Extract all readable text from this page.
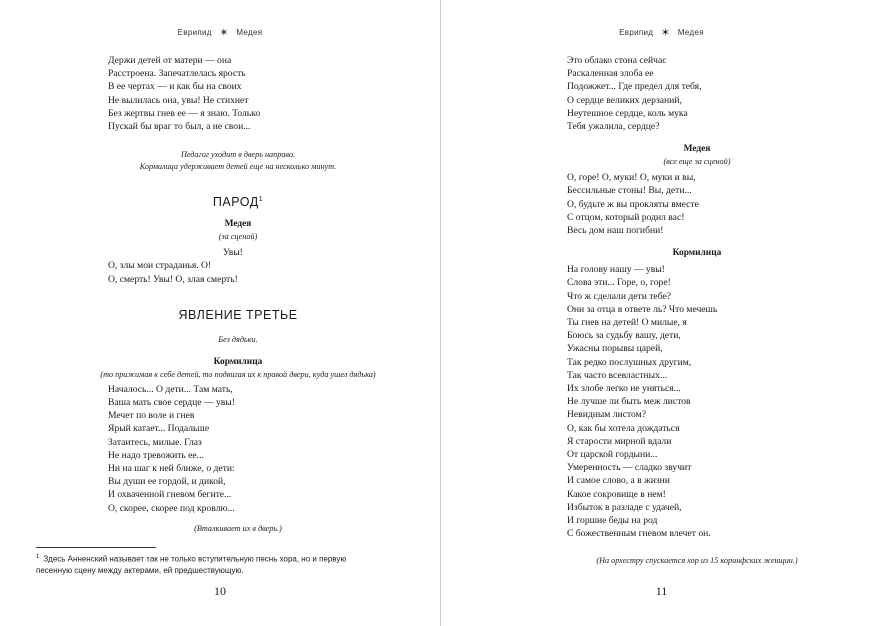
Еврипид ✶ Медея
Держи детей от матери — она
Расстроена. Запечатлелась ярость
В ее чертах — и как бы на своих
Не вылилась она, увы! Не стихнет
Без жертвы гнев ее — я знаю. Только
Пускай бы враг то был, а не свои...
Педагог уходит в дверь направо.
Кормилица удерживает детей еще на несколько минут.
ПАРОД$^1$
Медея
(за сценой)
Увы!
О, злы мои страданья. О!
О, смерть! Увы! О, злая смерть!
ЯВЛЕНИЕ ТРЕТЬЕ
Без дядьки.
Кормилица
(то прижимая к себе детей, то подвигая их к правой двери, куда ушел дядька)
Началось... О дети... Там мать,
Ваша мать свое сердце — увы!
Мечет по воле и гнев
Ярый катает... Подальше
Затаитесь, милые. Глаз
Не надо тревожить ее...
Ни на шаг к ней ближе, о дети:
Вы души ее гордой, и дикой,
И охваченной гневом бегите...
О, скорее, скорее под кровлю...
(Вталкивает их в дверь.)
$^1$ Здесь Анненский называет так не только вступительную песнь хора, но и первую песенную сцену между актерами, ей предшествующую.
10
Еврипид ✶ Медея
Это облако стона сейчас
Раскаленная злоба ее
Подожжет... Где предел для тебя,
О сердце великих дерзаний,
Неутешное сердце, коль мука
Тебя ужалила, сердце?
Медея
(все еще за сценой)
О, горе! О, муки! О, муки и вы,
Бессильные стоны! Вы, дети...
О, будьте ж вы прокляты вместе
С отцом, который родил вас!
Весь дом наш погибни!
Кормилица
На голову нашу — увы!
Слова эти... Горе, о, горе!
Что ж сделали дети тебе?
Они за отца в ответе ль? Что мечешь
Ты гнев на детей! О милые, я
Боюсь за судьбу вашу, дети,
Ужасны порывы царей,
Так редко послушных другим,
Так часто всевластных...
Их злобе легко не уняться...
Не лучше ли быть меж листов
Невидным листом?
О, как бы хотела дождаться
Я старости мирной вдали
От царской гордыни...
Умеренность — сладко звучит
И самое слово, а в жизни
Какое сокровище в нем!
Избыток в разладе с удачей,
И горшие беды на род
С божественным гневом влечет он.
(На орхестру спускается хор из 15 коринфских женщин.)
11
